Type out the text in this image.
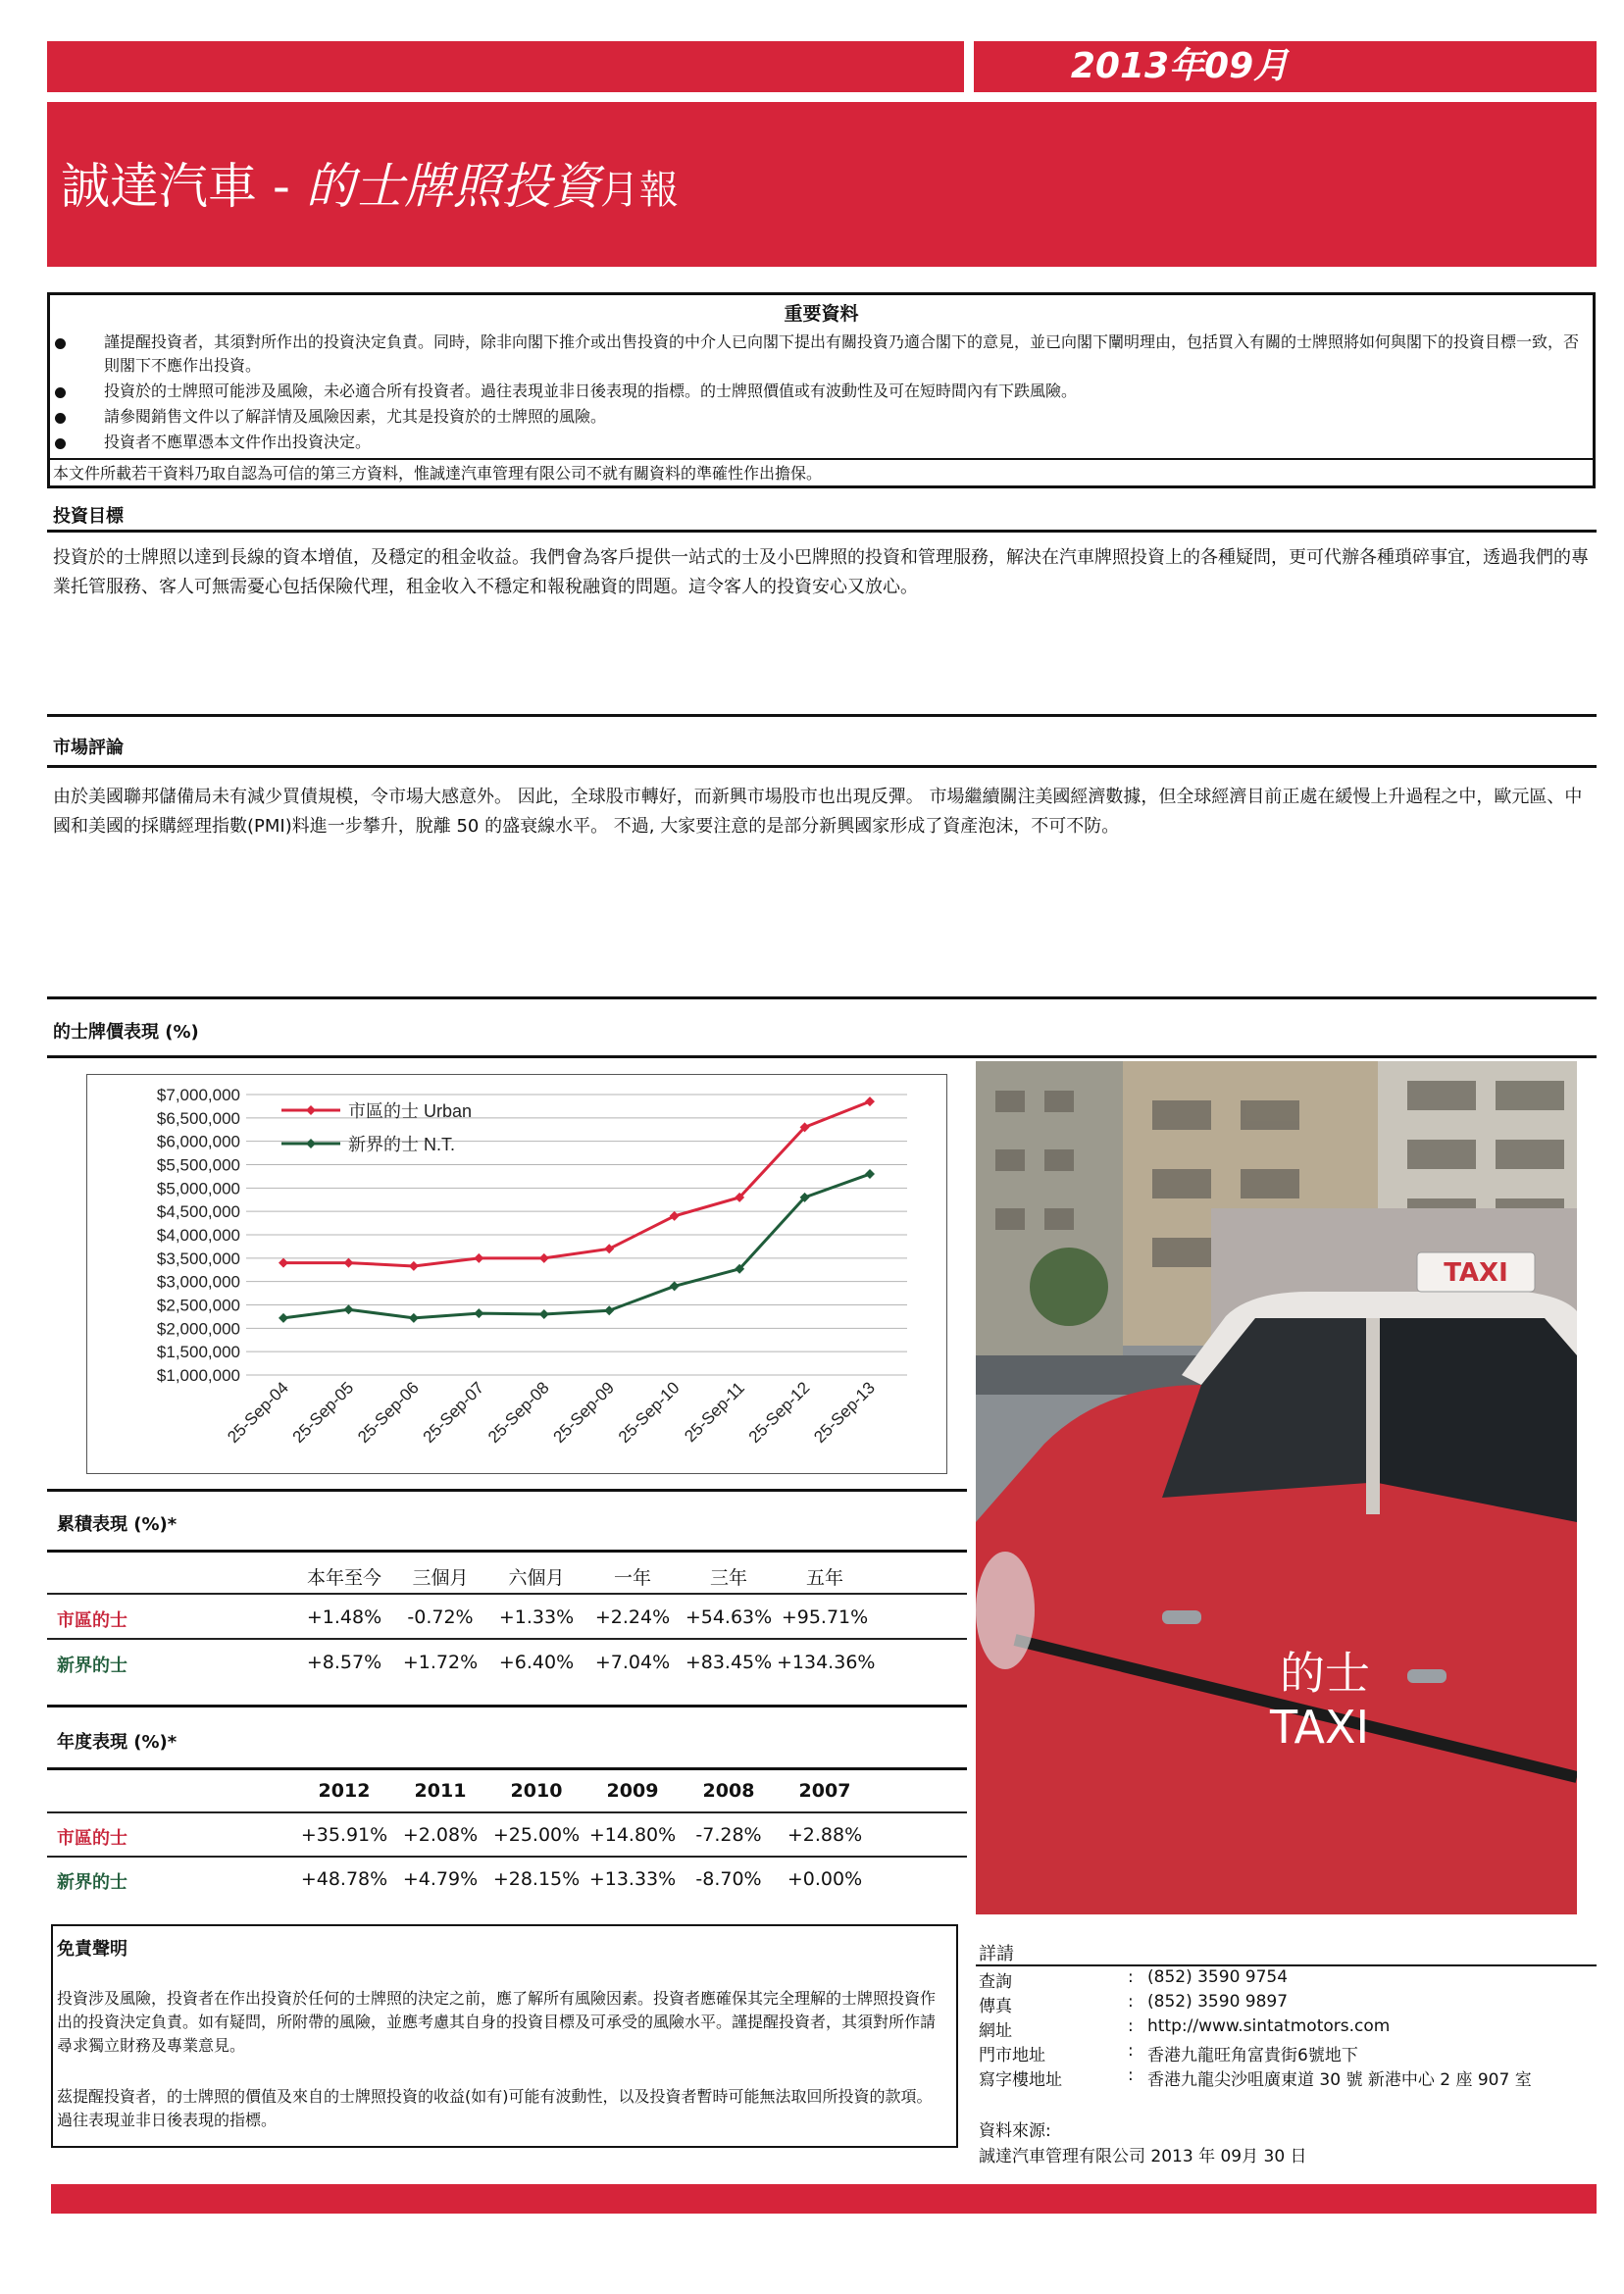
2013年09月
誠達汽車 - 的士牌照投資月報
重要資料
謹提醒投資者，其須對所作出的投資決定負責。同時，除非向閣下推介或出售投資的中介人已向閣下提出有關投資乃適合閣下的意見，並已向閣下闡明理由，包括買入有關的士牌照將如何與閣下的投資目標一致，否則閣下不應作出投資。
投資於的士牌照可能涉及風險，未必適合所有投資者。過往表現並非日後表現的指標。的士牌照價值或有波動性及可在短時間內有下跌風險。
請參閱銷售文件以了解詳情及風險因素，尤其是投資於的士牌照的風險。
投資者不應單憑本文件作出投資決定。
本文件所載若干資料乃取自認為可信的第三方資料，惟誠達汽車管理有限公司不就有關資料的準確性作出擔保。
投資目標
投資於的士牌照以達到長線的資本增值，及穩定的租金收益。我們會為客戶提供一站式的士及小巴牌照的投資和管理服務，解決在汽車牌照投資上的各種疑問，更可代辦各種瑣碎事宜，透過我們的專業托管服務、客人可無需憂心包括保險代理，租金收入不穩定和報稅融資的問題。這令客人的投資安心又放心。
市場評論
由於美國聯邦儲備局未有減少買債規模，令市場大感意外。 因此，全球股市轉好，而新興市場股市也出現反彈。 市場繼續關注美國經濟數據，但全球經濟目前正處在緩慢上升過程之中，歐元區、中國和美國的採購經理指數(PMI)料進一步攀升，脫離 50 的盛衰線水平。 不過, 大家要注意的是部分新興國家形成了資產泡沫，不可不防。
的士牌價表現 (%)
$7,000,000
$6,500,000
$6,000,000
$5,500,000
$5,000,000
$4,500,000
$4,000,000
$3,500,000
$3,000,000
$2,500,000
$2,000,000
$1,500,000
$1,000,000
25-Sep-04
25-Sep-05
25-Sep-06
25-Sep-07
25-Sep-08
25-Sep-09
25-Sep-10
25-Sep-11
25-Sep-12
25-Sep-13
市區的士 Urban
新界的士 N.T.
TAXI
的士
TAXI
累積表現 (%)*
本年至今	三個月	六個月	一年	三年	五年
市區的士	+1.48%	-0.72%	+1.33%	+2.24% +54.63% +95.71%
新界的士	+8.57%	+1.72%	+6.40%	+7.04% +83.45% +134.36%
年度表現 (%)*
2012	2011	2010	2009	2008	2007
市區的士	+35.91% +2.08% +25.00% +14.80%	-7.28%	+2.88%
新界的士	+48.78% +4.79% +28.15% +13.33%	-8.70%	+0.00%
免責聲明
投資涉及風險，投資者在作出投資於任何的士牌照的決定之前，應了解所有風險因素。投資者應確保其完全理解的士牌照投資作出的投資決定負責。如有疑問，所附帶的風險，並應考慮其自身的投資目標及可承受的風險水平。謹提醒投資者，其須對所作請尋求獨立財務及專業意見。
茲提醒投資者，的士牌照的價值及來自的士牌照投資的收益(如有)可能有波動性，以及投資者暫時可能無法取回所投資的款項。過往表現並非日後表現的指標。
詳請
查詢	: (852) 3590 9754
傳真	: (852) 3590 9897
網址	: http://www.sintatmotors.com
門市地址	: 香港九龍旺角富貴街6號地下
寫字樓地址	: 香港九龍尖沙咀廣東道 30 號 新港中心 2 座 907 室
資料來源:
誠達汽車管理有限公司 2013 年 09月 30 日
